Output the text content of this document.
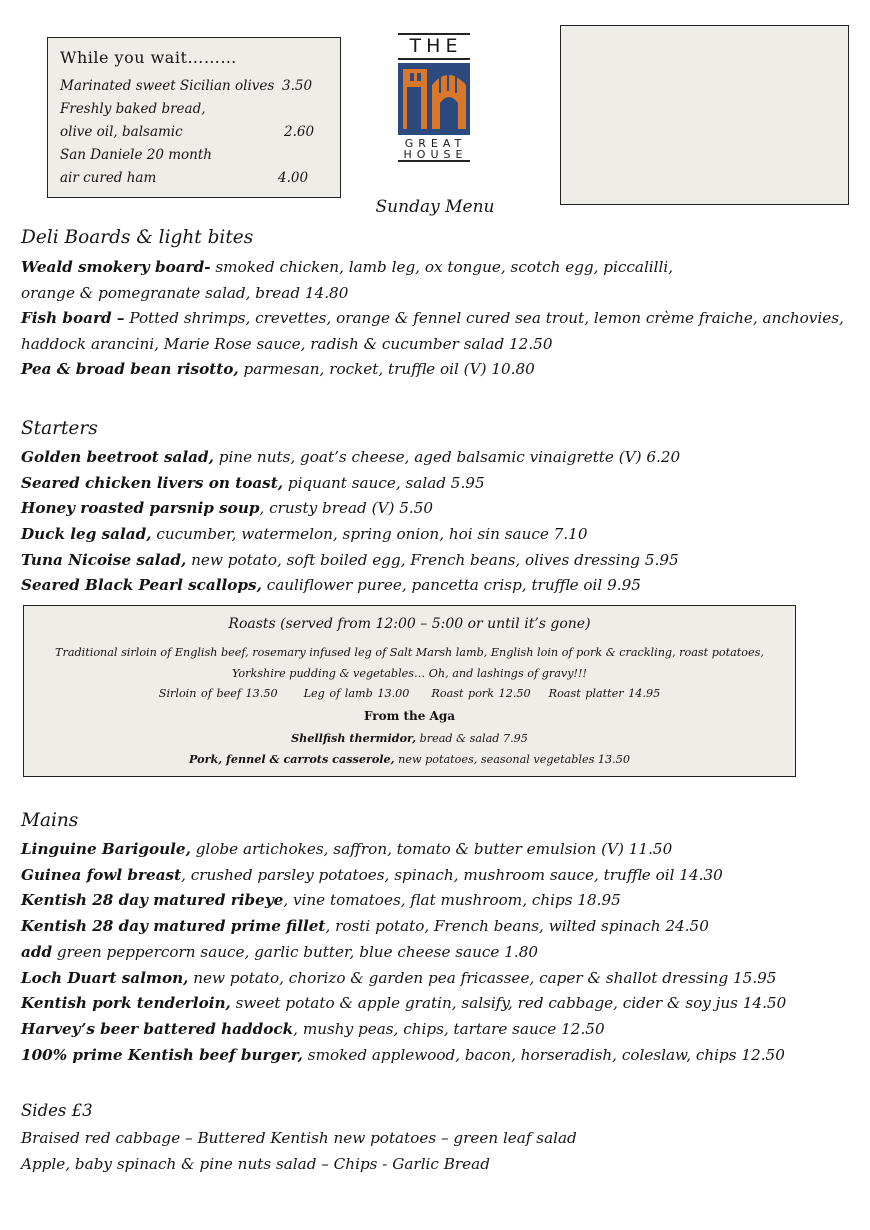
While you wait………
Marinated sweet Sicilian olives 3.50
Freshly baked bread,
olive oil, balsamic	2.60
San Daniele 20 month
air cured ham	4.00
THE
GREAT
HOUSE
Sunday Menu
Deli Boards & light bites
Weald smokery board- smoked chicken, lamb leg, ox tongue, scotch egg, piccalilli,
orange & pomegranate salad, bread 14.80
Fish board – Potted shrimps, crevettes, orange & fennel cured sea trout, lemon crème fraiche, anchovies,
haddock arancini, Marie Rose sauce, radish & cucumber salad 12.50
Pea & broad bean risotto, parmesan, rocket, truffle oil (V) 10.80
Starters
Golden beetroot salad, pine nuts, goat’s cheese, aged balsamic vinaigrette (V) 6.20
Seared chicken livers on toast, piquant sauce, salad 5.95
Honey roasted parsnip soup, crusty bread (V) 5.50
Duck leg salad, cucumber, watermelon, spring onion, hoi sin sauce 7.10
Tuna Nicoise salad, new potato, soft boiled egg, French beans, olives dressing 5.95
Seared Black Pearl scallops, cauliflower puree, pancetta crisp, truffle oil 9.95
Roasts (served from 12:00 – 5:00 or until it’s gone)
Traditional sirloin of English beef, rosemary infused leg of Salt Marsh lamb, English loin of pork & crackling, roast potatoes,
Yorkshire pudding & vegetables… Oh, and lashings of gravy!!!
Sirloin of beef 13.50 Leg of lamb 13.00 Roast pork 12.50 Roast platter 14.95
From the Aga
Shellfish thermidor, bread & salad 7.95
Pork, fennel & carrots casserole, new potatoes, seasonal vegetables 13.50
Mains
Linguine Barigoule, globe artichokes, saffron, tomato & butter emulsion (V) 11.50
Guinea fowl breast, crushed parsley potatoes, spinach, mushroom sauce, truffle oil 14.30
Kentish 28 day matured ribeye, vine tomatoes, flat mushroom, chips 18.95
Kentish 28 day matured prime fillet, rosti potato, French beans, wilted spinach 24.50
add green peppercorn sauce, garlic butter, blue cheese sauce 1.80
Loch Duart salmon, new potato, chorizo & garden pea fricassee, caper & shallot dressing 15.95
Kentish pork tenderloin, sweet potato & apple gratin, salsify, red cabbage, cider & soy jus 14.50
Harvey’s beer battered haddock, mushy peas, chips, tartare sauce 12.50
100% prime Kentish beef burger, smoked applewood, bacon, horseradish, coleslaw, chips 12.50
Sides £3
Braised red cabbage – Buttered Kentish new potatoes – green leaf salad
Apple, baby spinach & pine nuts salad – Chips - Garlic Bread
